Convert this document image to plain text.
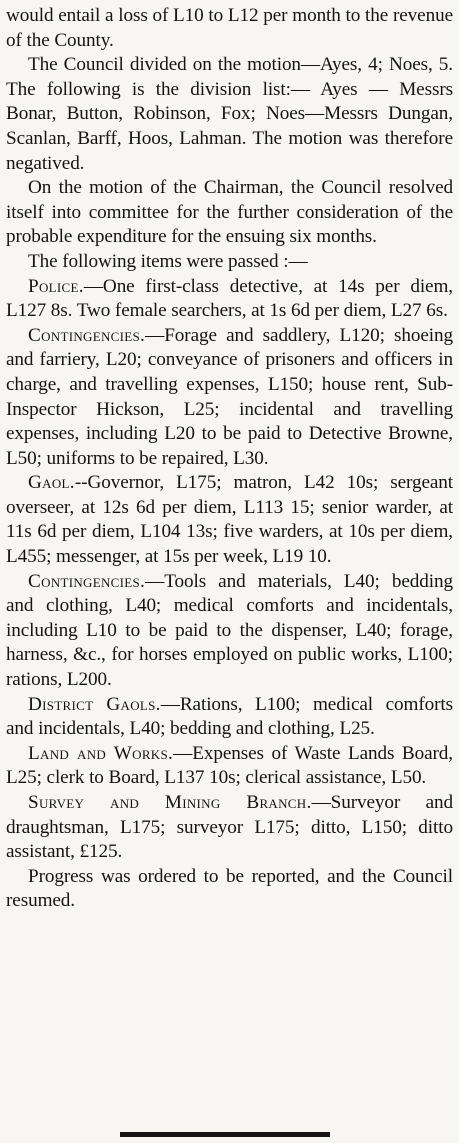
would entail a loss of L10 to L12 per month to the revenue of the County.

The Council divided on the motion—Ayes, 4; Noes, 5. The following is the division list:— Ayes — Messrs Bonar, Button, Robinson, Fox; Noes—Messrs Dungan, Scanlan, Barff, Hoos, Lahman. The motion was therefore negatived.

On the motion of the Chairman, the Council resolved itself into committee for the further consideration of the probable expenditure for the ensuing six months.

The following items were passed :—

Police.—One first-class detective, at 14s per diem, L127 8s. Two female searchers, at 1s 6d per diem, L27 6s.

Contingencies.—Forage and saddlery, L120; shoeing and farriery, L20; conveyance of prisoners and officers in charge, and travelling expenses, L150; house rent, Sub-Inspector Hickson, L25; incidental and travelling expenses, including L20 to be paid to Detective Browne, L50; uniforms to be repaired, L30.

Gaol.--Governor, L175; matron, L42 10s; sergeant overseer, at 12s 6d per diem, L113 15; senior warder, at 11s 6d per diem, L104 13s; five warders, at 10s per diem, L455; messenger, at 15s per week, L19 10.

Contingencies.—Tools and materials, L40; bedding and clothing, L40; medical comforts and incidentals, including L10 to be paid to the dispenser, L40; forage, harness, &c., for horses employed on public works, L100; rations, L200.

District Gaols.—Rations, L100; medical comforts and incidentals, L40; bedding and clothing, L25.

Land and Works.—Expenses of Waste Lands Board, L25; clerk to Board, L137 10s; clerical assistance, L50.

Survey and Mining Branch.—Surveyor and draughtsman, L175; surveyor L175; ditto, L150; ditto assistant, £125.

Progress was ordered to be reported, and the Council resumed.
